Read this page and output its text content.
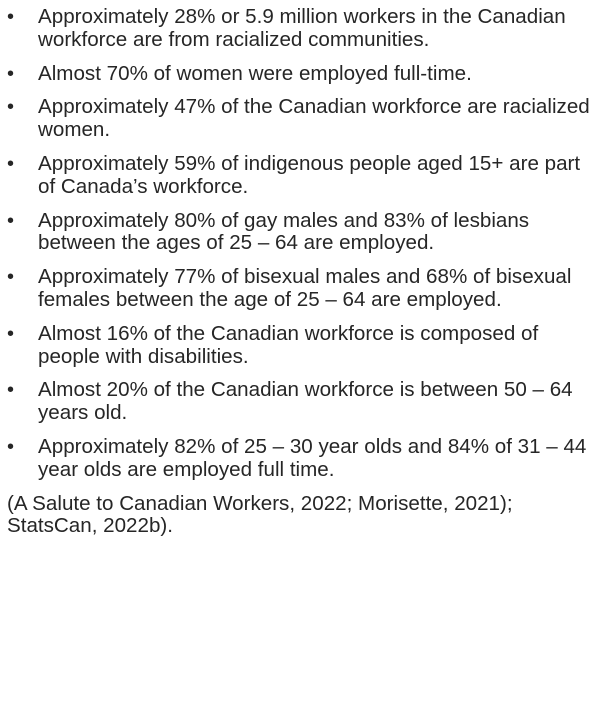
• Approximately 28% or 5.9 million workers in the Canadian workforce are from racialized communities.
• Almost 70% of women were employed full-time.
• Approximately 47% of the Canadian workforce are racialized women.
• Approximately 59% of indigenous people aged 15+ are part of Canada’s workforce.
• Approximately 80% of gay males and 83% of lesbians between the ages of 25 – 64 are employed.
• Approximately 77% of bisexual males and 68% of bisexual females between the age of 25 – 64 are employed.
• Almost 16% of the Canadian workforce is composed of people with disabilities.
• Almost 20% of the Canadian workforce is between 50 – 64 years old.
• Approximately 82% of 25 – 30 year olds and 84% of 31 – 44 year olds are employed full time.
(A Salute to Canadian Workers, 2022; Morisette, 2021); StatsCan, 2022b).
